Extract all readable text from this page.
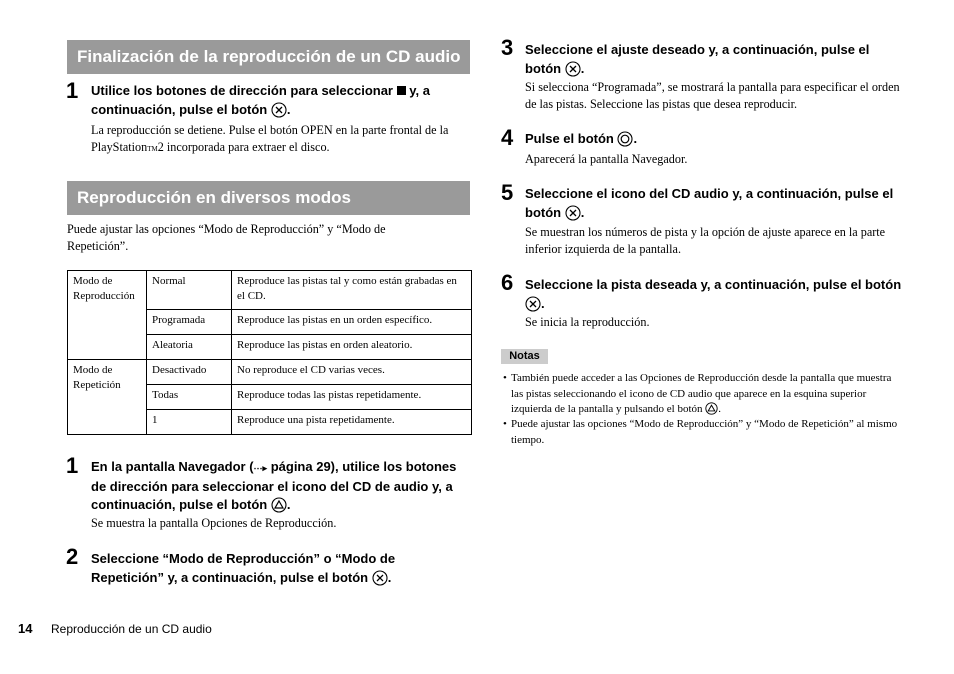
Finalización de la reproducción de un CD audio
1 Utilice los botones de dirección para seleccionar  y, a continuación, pulse el botón .
La reproducción se detiene. Pulse el botón OPEN en la parte frontal de la PlayStationTM2 incorporada para extraer el disco.
Reproducción en diversos modos
Puede ajustar las opciones “Modo de Reproducción” y “Modo de Repetición”.
Modo de Reproducción	Normal	Reproduce las pistas tal y como están grabadas en el CD.
	Programada	Reproduce las pistas en un orden específico.
	Aleatoria	Reproduce las pistas en orden aleatorio.
Modo de Repetición	Desactivado	No reproduce el CD varias veces.
	Todas	Reproduce todas las pistas repetidamente.
	1	Reproduce una pista repetidamente.
1 En la pantalla Navegador (⋯▸ página 29), utilice los botones de dirección para seleccionar el icono del CD de audio y, a continuación, pulse el botón .
Se muestra la pantalla Opciones de Reproducción.
2 Seleccione “Modo de Reproducción” o “Modo de Repetición” y, a continuación, pulse el botón .
3 Seleccione el ajuste deseado y, a continuación, pulse el botón .
Si selecciona “Programada”, se mostrará la pantalla para especificar el orden de las pistas. Seleccione las pistas que desea reproducir.
4 Pulse el botón .
Aparecerá la pantalla Navegador.
5 Seleccione el icono del CD audio y, a continuación, pulse el botón .
Se muestran los números de pista y la opción de ajuste aparece en la parte inferior izquierda de la pantalla.
6 Seleccione la pista deseada y, a continuación, pulse el botón .
Se inicia la reproducción.
Notas
• También puede acceder a las Opciones de Reproducción desde la pantalla que muestra las pistas seleccionando el icono de CD audio que aparece en la esquina superior izquierda de la pantalla y pulsando el botón .
• Puede ajustar las opciones “Modo de Reproducción” y “Modo de Repetición” al mismo tiempo.
14 Reproducción de un CD audio
